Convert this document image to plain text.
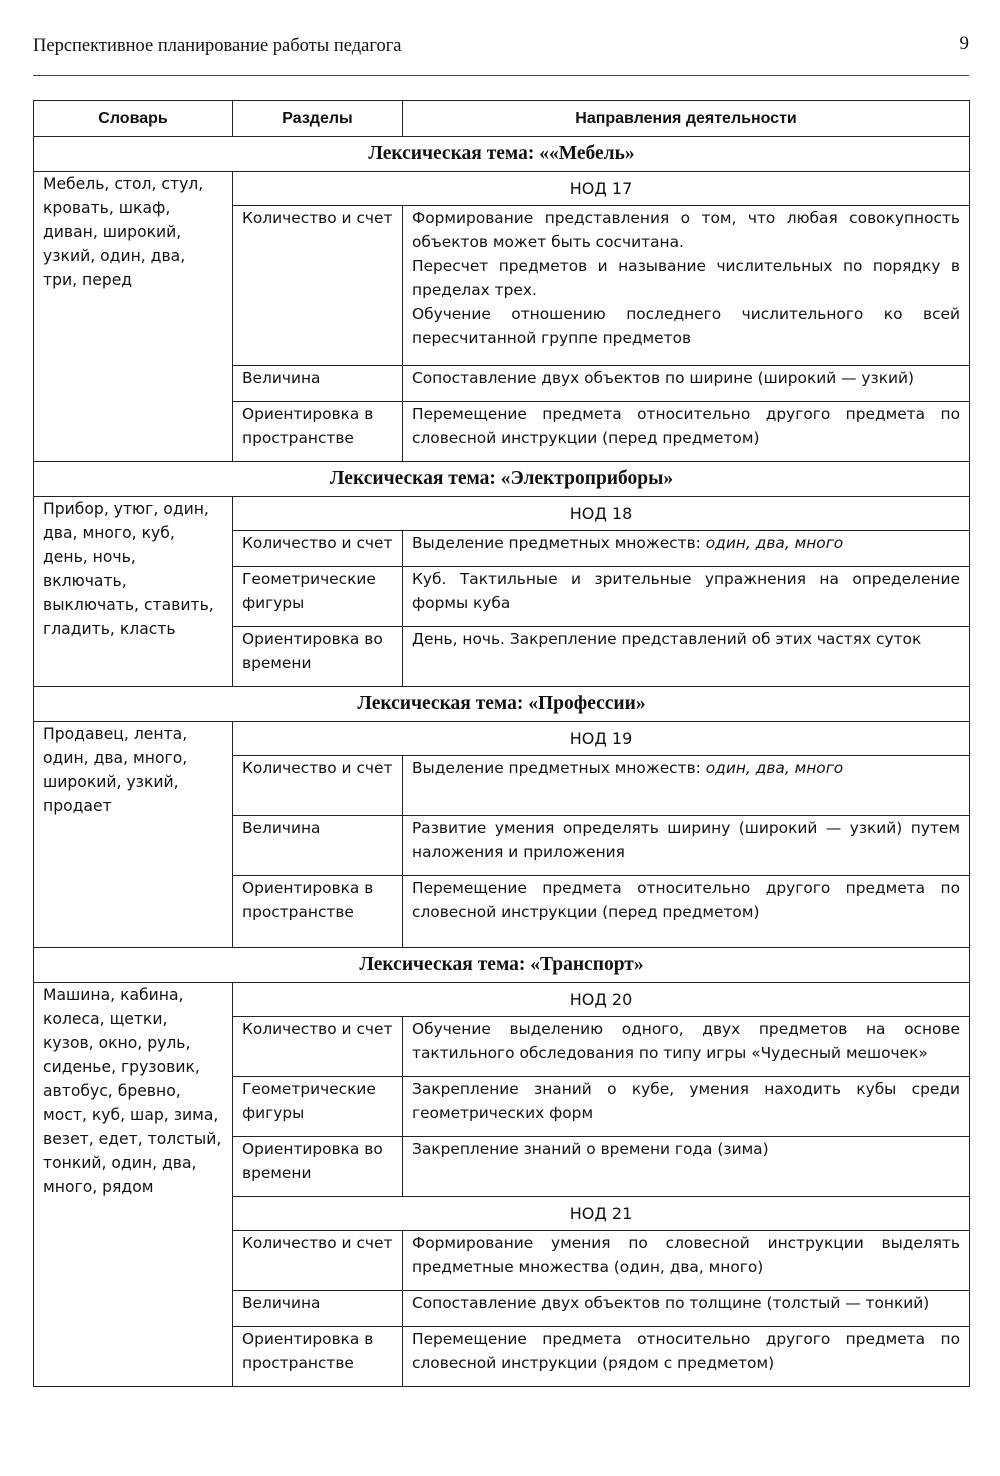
Перспективное планирование работы педагога	9
Словарь	Разделы	Направления деятельности
Лексическая тема: ««Мебель»		
Мебель, стол, стул, кровать, шкаф, диван, широкий, узкий, один, два, три, перед	НОД 17	
	Количество и счет	Формирование представления о том, что любая совокупность объектов может быть сосчитана.
Пересчет предметов и называние числительных по порядку в пределах трех.
Обучение отношению последнего числительного ко всей пересчитанной группе предметов

	Величина	Сопоставление двух объектов по ширине (широкий — узкий)

	Ориентировка в пространстве	Перемещение предмета относительно другого предмета по словесной инструкции (перед предметом)

Лексическая тема: «Электроприборы»		
Прибор, утюг, один, два, много, куб, день, ночь, включать, выключать, ставить, гладить, класть	НОД 18	
	Количество и счет	Выделение предметных множеств: один, два, много
	Геометрические фигуры	Куб. Тактильные и зрительные упражнения на определение формы куба

	Ориентировка во времени	День, ночь. Закрепление представлений об этих частях суток

Лексическая тема: «Профессии»		
Продавец, лента, один, два, много, широкий, узкий, продает	НОД 19	
	Количество и счет	Выделение предметных множеств: один, два, много
	Величина	Развитие умения определять ширину (широкий — узкий) путем наложения и приложения

	Ориентировка в пространстве	Перемещение предмета относительно другого предмета по словесной инструкции (перед предметом)

Лексическая тема: «Транспорт»		
Машина, кабина, колеса, щетки, кузов, окно, руль, сиденье, грузовик, автобус, бревно, мост, куб, шар, зима, везет, едет, толстый, тонкий, один, два, много, рядом	НОД 20	
	Количество и счет	Обучение выделению одного, двух предметов на основе тактильного обследования по типу игры «Чудесный мешочек»

	Геометрические фигуры	Закрепление знаний о кубе, умения находить кубы среди геометрических форм

	Ориентировка во времени	Закрепление знаний о времени года (зима)

	НОД 21	
	Количество и счет	Формирование умения по словесной инструкции выделять предметные множества (один, два, много)

	Величина	Сопоставление двух объектов по толщине (толстый — тонкий)

	Ориентировка в пространстве	Перемещение предмета относительно другого предмета по словесной инструкции (рядом с предметом)
